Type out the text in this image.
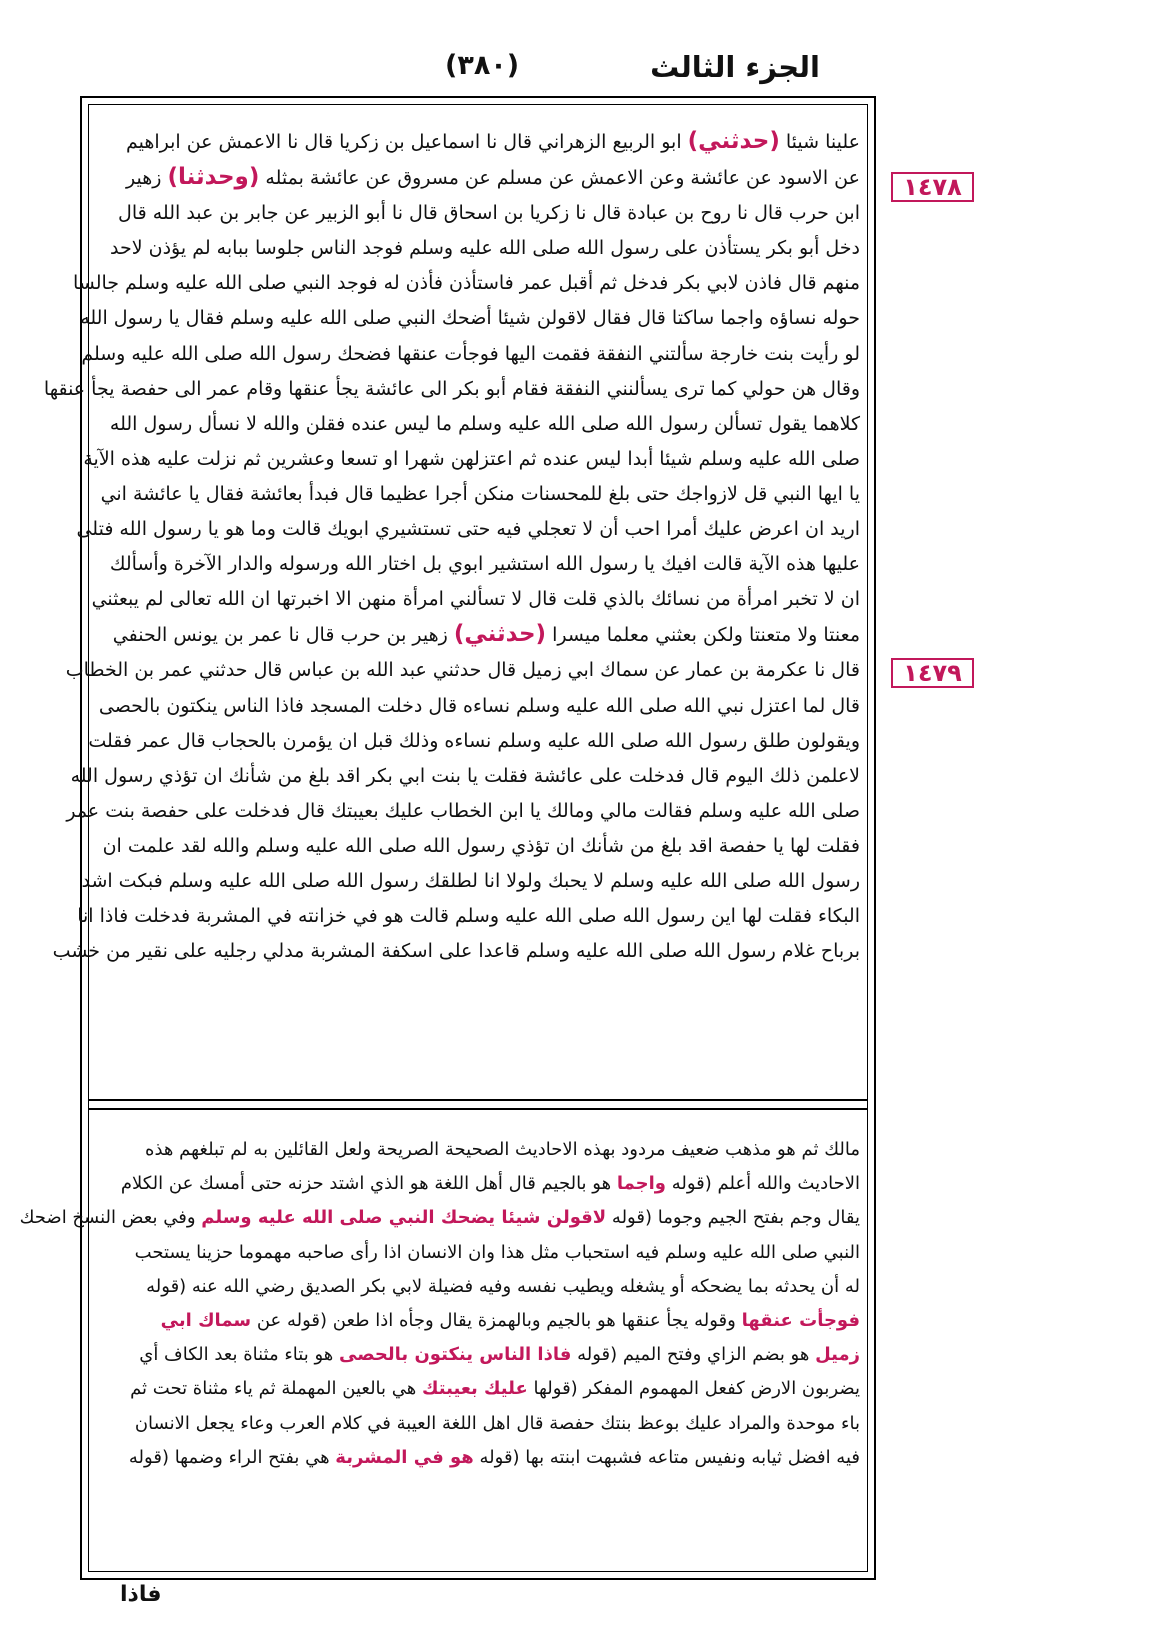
الجزء الثالث
(٣٨٠)
١٤٧٨
١٤٧٩
علينا شيئا (حدثني) ابو الربيع الزهراني قال نا اسماعيل بن زكريا قال نا الاعمش عن ابراهيم
عن الاسود عن عائشة وعن الاعمش عن مسلم عن مسروق عن عائشة بمثله (وحدثنا) زهير
ابن حرب قال نا روح بن عبادة قال نا زكريا بن اسحاق قال نا أبو الزبير عن جابر بن عبد الله قال
دخل أبو بكر يستأذن على رسول الله صلى الله عليه وسلم فوجد الناس جلوسا ببابه لم يؤذن لاحد
منهم قال فاذن لابي بكر فدخل ثم أقبل عمر فاستأذن فأذن له فوجد النبي صلى الله عليه وسلم جالسا
حوله نساؤه واجما ساكتا قال فقال لاقولن شيئا أضحك النبي صلى الله عليه وسلم فقال يا رسول الله
لو رأيت بنت خارجة سألتني النفقة فقمت اليها فوجأت عنقها فضحك رسول الله صلى الله عليه وسلم
وقال هن حولي كما ترى يسألنني النفقة فقام أبو بكر الى عائشة يجأ عنقها وقام عمر الى حفصة يجأ عنقها
كلاهما يقول تسألن رسول الله صلى الله عليه وسلم ما ليس عنده فقلن والله لا نسأل رسول الله
صلى الله عليه وسلم شيئا أبدا ليس عنده ثم اعتزلهن شهرا او تسعا وعشرين ثم نزلت عليه هذه الآية
يا ايها النبي قل لازواجك حتى بلغ للمحسنات منكن أجرا عظيما قال فبدأ بعائشة فقال يا عائشة اني
اريد ان اعرض عليك أمرا احب أن لا تعجلي فيه حتى تستشيري ابويك قالت وما هو يا رسول الله فتلى
عليها هذه الآية قالت افيك يا رسول الله استشير ابوي بل اختار الله ورسوله والدار الآخرة وأسألك
ان لا تخبر امرأة من نسائك بالذي قلت قال لا تسألني امرأة منهن الا اخبرتها ان الله تعالى لم يبعثني
معنتا ولا متعنتا ولكن بعثني معلما ميسرا (حدثني) زهير بن حرب قال نا عمر بن يونس الحنفي
قال نا عكرمة بن عمار عن سماك ابي زميل قال حدثني عبد الله بن عباس قال حدثني عمر بن الخطاب
قال لما اعتزل نبي الله صلى الله عليه وسلم نساءه قال دخلت المسجد فاذا الناس ينكتون بالحصى
ويقولون طلق رسول الله صلى الله عليه وسلم نساءه وذلك قبل ان يؤمرن بالحجاب قال عمر فقلت
لاعلمن ذلك اليوم قال فدخلت على عائشة فقلت يا بنت ابي بكر اقد بلغ من شأنك ان تؤذي رسول الله
صلى الله عليه وسلم فقالت مالي ومالك يا ابن الخطاب عليك بعيبتك قال فدخلت على حفصة بنت عمر
فقلت لها يا حفصة اقد بلغ من شأنك ان تؤذي رسول الله صلى الله عليه وسلم والله لقد علمت ان
رسول الله صلى الله عليه وسلم لا يحبك ولولا انا لطلقك رسول الله صلى الله عليه وسلم فبكت اشد
البكاء فقلت لها اين رسول الله صلى الله عليه وسلم قالت هو في خزانته في المشربة فدخلت فاذا انا
برباح غلام رسول الله صلى الله عليه وسلم قاعدا على اسكفة المشربة مدلي رجليه على نقير من خشب
مالك ثم هو مذهب ضعيف مردود بهذه الاحاديث الصحيحة الصريحة ولعل القائلين به لم تبلغهم هذه
الاحاديث والله أعلم (قوله واجما هو بالجيم قال أهل اللغة هو الذي اشتد حزنه حتى أمسك عن الكلام
يقال وجم بفتح الجيم وجوما (قوله لاقولن شيئا يضحك النبي صلى الله عليه وسلم وفي بعض النسخ اضحك
النبي صلى الله عليه وسلم فيه استحباب مثل هذا وان الانسان اذا رأى صاحبه مهموما حزينا يستحب
له أن يحدثه بما يضحكه أو يشغله ويطيب نفسه وفيه فضيلة لابي بكر الصديق رضي الله عنه (قوله
فوجأت عنقها وقوله يجأ عنقها هو بالجيم وبالهمزة يقال وجأه اذا طعن (قوله عن سماك ابي
زميل هو بضم الزاي وفتح الميم (قوله فاذا الناس ينكتون بالحصى هو بتاء مثناة بعد الكاف أي
يضربون الارض كفعل المهموم المفكر (قولها عليك بعيبتك هي بالعين المهملة ثم ياء مثناة تحت ثم
باء موحدة والمراد عليك بوعظ بنتك حفصة قال اهل اللغة العيبة في كلام العرب وعاء يجعل الانسان
فيه افضل ثيابه ونفيس متاعه فشبهت ابنته بها (قوله هو في المشربة هي بفتح الراء وضمها (قوله
فاذا
